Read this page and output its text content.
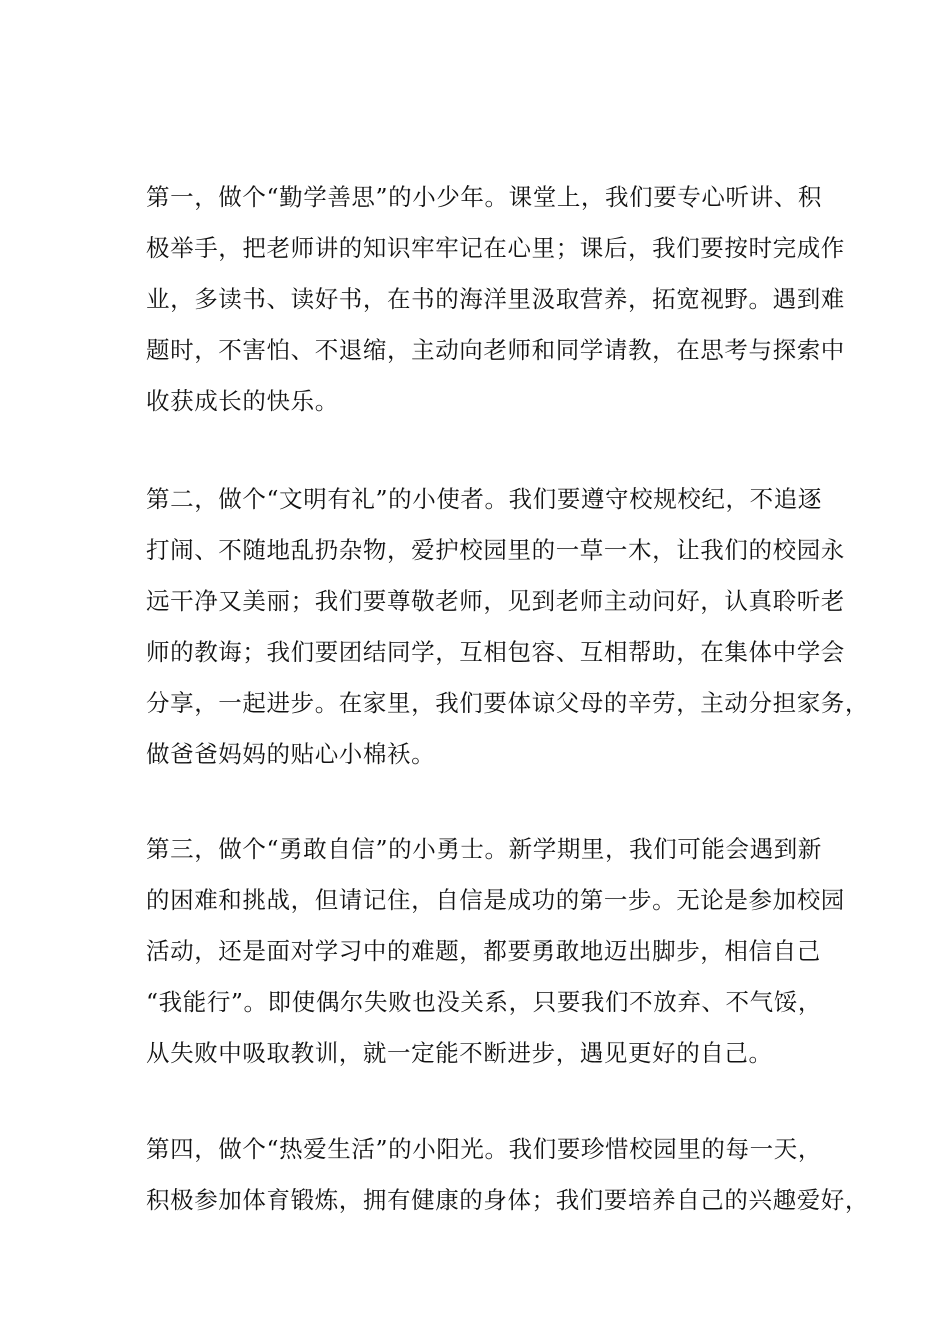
第一，做个“勤学善思”的小少年。课堂上，我们要专心听讲、积
极举手，把老师讲的知识牢牢记在心里；课后，我们要按时完成作
业，多读书、读好书，在书的海洋里汲取营养，拓宽视野。遇到难
题时，不害怕、不退缩，主动向老师和同学请教，在思考与探索中
收获成长的快乐。
第二，做个“文明有礼”的小使者。我们要遵守校规校纪，不追逐
打闹、不随地乱扔杂物，爱护校园里的一草一木，让我们的校园永
远干净又美丽；我们要尊敬老师，见到老师主动问好，认真聆听老
师的教诲；我们要团结同学，互相包容、互相帮助，在集体中学会
分享，一起进步。在家里，我们要体谅父母的辛劳，主动分担家务，
做爸爸妈妈的贴心小棉袄。
第三，做个“勇敢自信”的小勇士。新学期里，我们可能会遇到新
的困难和挑战，但请记住，自信是成功的第一步。无论是参加校园
活动，还是面对学习中的难题，都要勇敢地迈出脚步，相信自己
“我能行”。即使偶尔失败也没关系，只要我们不放弃、不气馁，
从失败中吸取教训，就一定能不断进步，遇见更好的自己。
第四，做个“热爱生活”的小阳光。我们要珍惜校园里的每一天，
积极参加体育锻炼，拥有健康的身体；我们要培养自己的兴趣爱好，
